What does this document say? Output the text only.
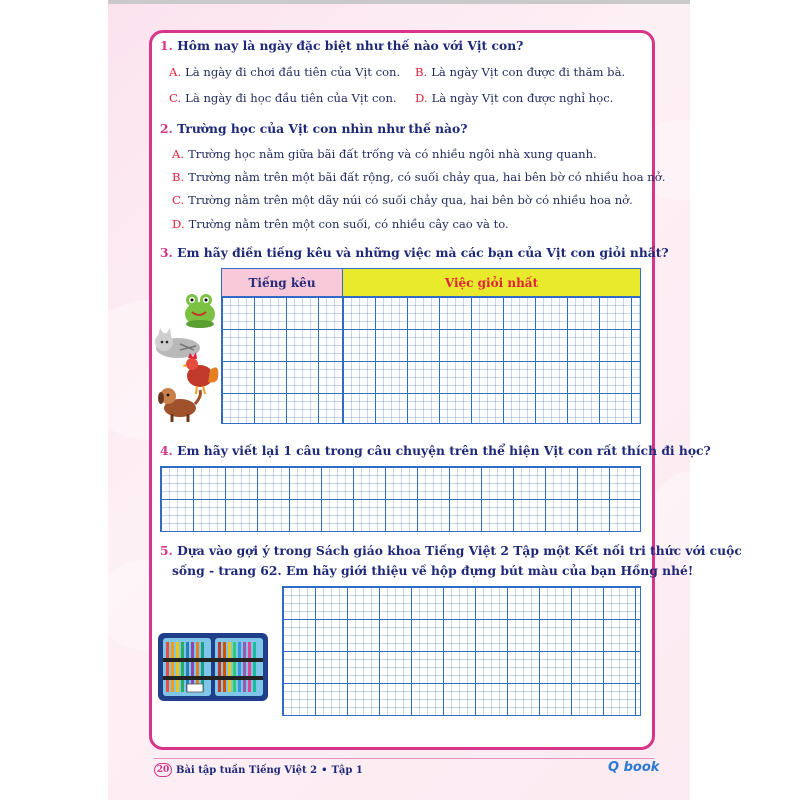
1. Hôm nay là ngày đặc biệt như thế nào với Vịt con?
A. Là ngày đi chơi đầu tiên của Vịt con. B. Là ngày Vịt con được đi thăm bà.
C. Là ngày đi học đầu tiên của Vịt con. D. Là ngày Vịt con được nghỉ học.
2. Trường học của Vịt con nhìn như thế nào?
A. Trường học nằm giữa bãi đất trống và có nhiều ngôi nhà xung quanh.
B. Trường nằm trên một bãi đất rộng, có suối chảy qua, hai bên bờ có nhiều hoa nở.
C. Trường nằm trên một dãy núi có suối chảy qua, hai bên bờ có nhiều hoa nở.
D. Trường nằm trên một con suối, có nhiều cây cao và to.
3. Em hãy điền tiếng kêu và những việc mà các bạn của Vịt con giỏi nhất?
Tiếng kêu	Việc giỏi nhất
4. Em hãy viết lại 1 câu trong câu chuyện trên thể hiện Vịt con rất thích đi học?
5. Dựa vào gợi ý trong Sách giáo khoa Tiếng Việt 2 Tập một Kết nối tri thức với cuộc
sống - trang 62. Em hãy giới thiệu về hộp đựng bút màu của bạn Hồng nhé!
20 Bài tập tuần Tiếng Việt 2 • Tập 1	Q book
